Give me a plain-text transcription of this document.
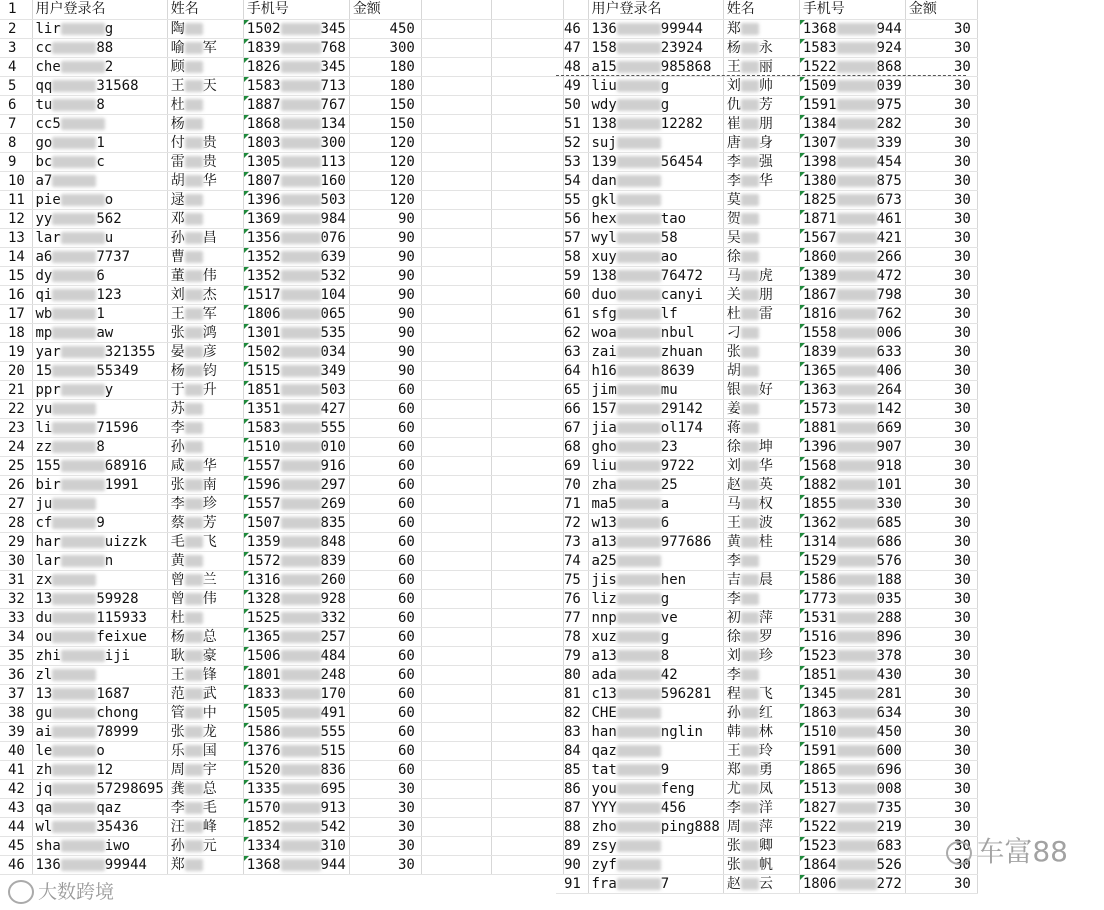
1	用户登录名	姓名	手机号	金额		
2	lir g	陶	1502 345	450		
3	cc 88	喻 军	1839 768	300		
4	che 2	顾	1826 345	180		
5	qq 31568	王 天	1583 713	180		
6	tu 8	杜	1887 767	150		
7	cc5	杨	1868 134	150		
8	go 1	付 贵	1803 300	120		
9	bc c	雷 贵	1305 113	120		
10	a7	胡 华	1807 160	120		
11	pie o	逯	1396 503	120		
12	yy 562	邓	1369 984	90		
13	lar u	孙 昌	1356 076	90		
14	a6 7737	曹	1352 639	90		
15	dy 6	董 伟	1352 532	90		
16	qi 123	刘 杰	1517 104	90		
17	wb 1	王 军	1806 065	90		
18	mp aw	张 鸿	1301 535	90		
19	yar 321355	晏 彦	1502 034	90		
20	15 55349	杨 钧	1515 349	90		
21	ppr y	于 升	1851 503	60		
22	yu	苏	1351 427	60		
23	li 71596	李	1583 555	60		
24	zz 8	孙	1510 010	60		
25	155 68916	咸 华	1557 916	60		
26	bir 1991	张 南	1596 297	60		
27	ju	李 珍	1557 269	60		
28	cf 9	蔡 芳	1507 835	60		
29	har uizzk	毛 飞	1359 848	60		
30	lar n	黄	1572 839	60		
31	zx	曾 兰	1316 260	60		
32	13 59928	曾 伟	1328 928	60		
33	du 115933	杜	1525 332	60		
34	ou feixue	杨 总	1365 257	60		
35	zhi iji	耿 豪	1506 484	60		
36	zl	王 锋	1801 248	60		
37	13 1687	范 武	1833 170	60		
38	gu chong	管 中	1505 491	60		
39	ai 78999	张 龙	1586 555	60		
40	le o	乐 国	1376 515	60		
41	zh 12	周 宇	1520 836	60		
42	jq 57298695	龚 总	1335 695	30		
43	qa qaz	李 毛	1570 913	30		
44	wl 35436	汪 峰	1852 542	30		
45	sha iwo	孙 元	1334 310	30		
46	136 99944	郑	1368 944	30		
	用户登录名	姓名	手机号	金额
46	136 99944	郑	1368 944	30
47	158 23924	杨 永	1583 924	30
48	a15 985868	王 丽	1522 868	30
49	liu g	刘 帅	1509 039	30
50	wdy g	仇 芳	1591 975	30
51	138 12282	崔 朋	1384 282	30
52	suj	唐 身	1307 339	30
53	139 56454	李 强	1398 454	30
54	dan	李 华	1380 875	30
55	gkl	莫	1825 673	30
56	hex tao	贺	1871 461	30
57	wyl 58	吴	1567 421	30
58	xuy ao	徐	1860 266	30
59	138 76472	马 虎	1389 472	30
60	duo canyi	关 朋	1867 798	30
61	sfg lf	杜 雷	1816 762	30
62	woa nbul	刁	1558 006	30
63	zai zhuan	张	1839 633	30
64	h16 8639	胡	1365 406	30
65	jim mu	银 好	1363 264	30
66	157 29142	姜	1573 142	30
67	jia ol174	蒋	1881 669	30
68	gho 23	徐 坤	1396 907	30
69	liu 9722	刘 华	1568 918	30
70	zha 25	赵 英	1882 101	30
71	ma5 a	马 权	1855 330	30
72	w13 6	王 波	1362 685	30
73	a13 977686	黄 桂	1314 686	30
74	a25	李	1529 576	30
75	jis hen	吉 晨	1586 188	30
76	liz g	李	1773 035	30
77	nnp ve	初 萍	1531 288	30
78	xuz g	徐 罗	1516 896	30
79	a13 8	刘 珍	1523 378	30
80	ada 42	李	1851 430	30
81	c13 596281	程 飞	1345 281	30
82	CHE	孙 红	1863 634	30
83	han nglin	韩 林	1510 450	30
84	qaz	王 玲	1591 600	30
85	tat 9	郑 勇	1865 696	30
86	you feng	尤 凤	1513 008	30
87	YYY 456	李 洋	1827 735	30
88	zho ping888	周 萍	1522 219	30
89	zsy	张 卿	1523 683	30
90	zyf	张 帆	1864 526	30
91	fra 7	赵 云	1806 272	30
大数跨境
车富88
